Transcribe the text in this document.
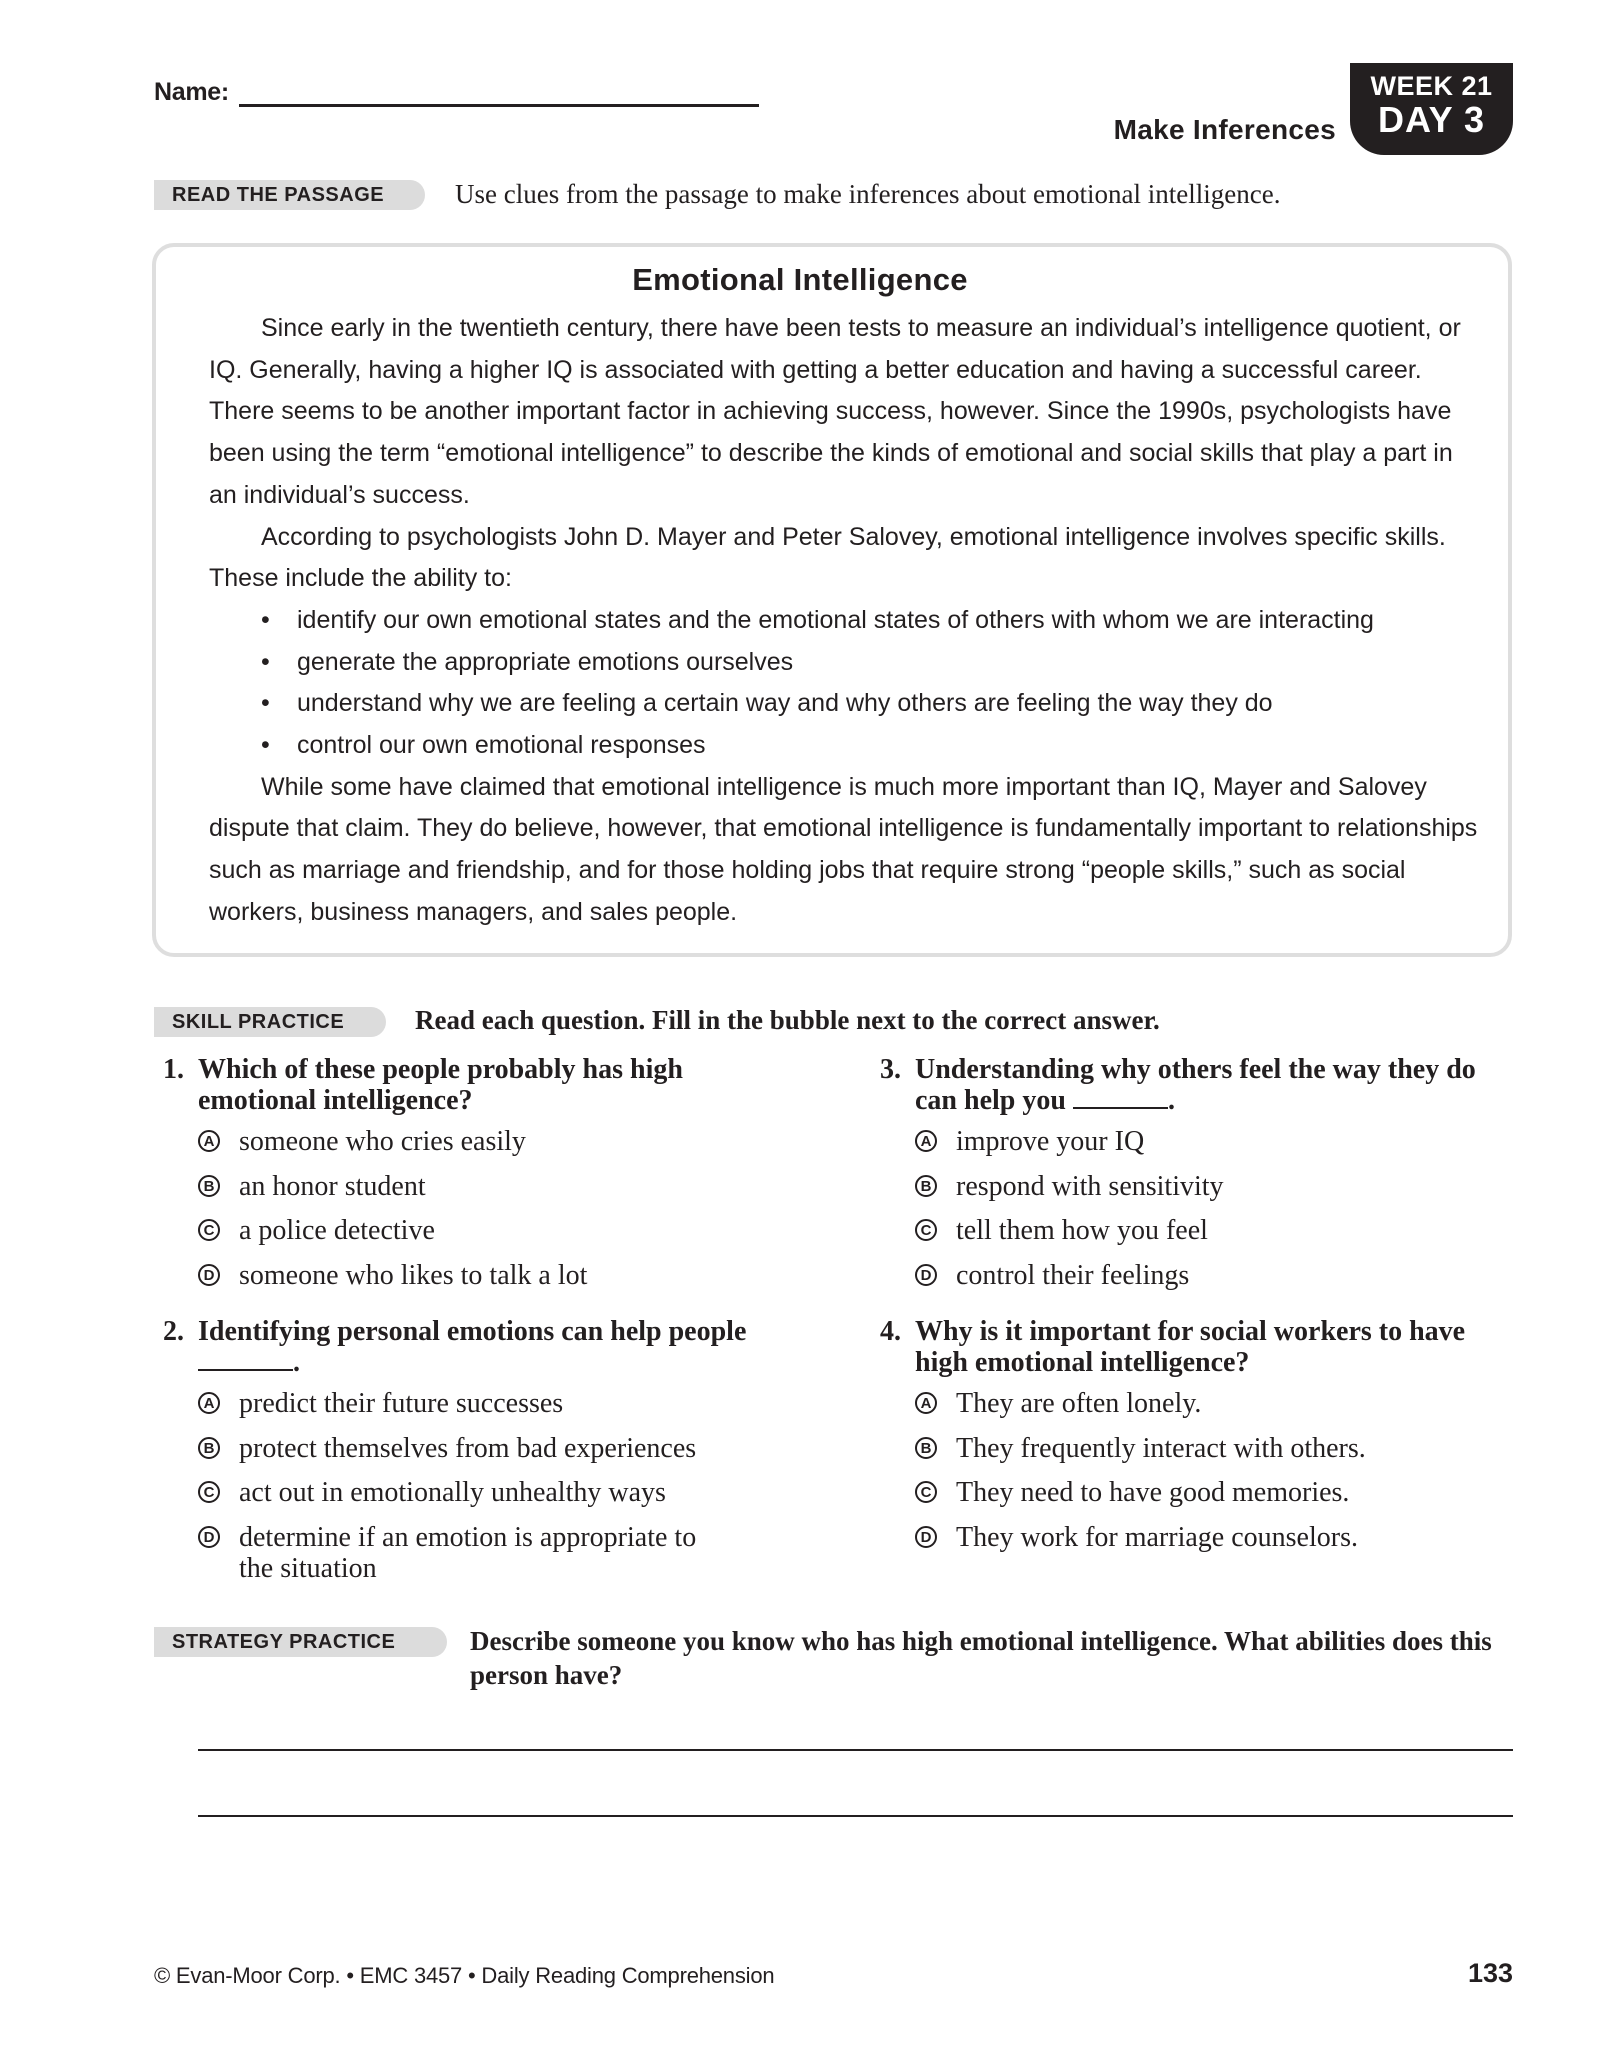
Name:
Make Inferences
WEEK 21
DAY 3
READ THE PASSAGE	Use clues from the passage to make inferences about emotional intelligence.
Emotional Intelligence

Since early in the twentieth century, there have been tests to measure an individual’s intelligence quotient, or IQ. Generally, having a higher IQ is associated with getting a better education and having a successful career. There seems to be another important factor in achieving success, however. Since the 1990s, psychologists have been using the term “emotional intelligence” to describe the kinds of emotional and social skills that play a part in an individual’s success.

According to psychologists John D. Mayer and Peter Salovey, emotional intelligence involves specific skills. These include the ability to:

• identify our own emotional states and the emotional states of others with whom we are interacting
• generate the appropriate emotions ourselves
• understand why we are feeling a certain way and why others are feeling the way they do
• control our own emotional responses

While some have claimed that emotional intelligence is much more important than IQ, Mayer and Salovey dispute that claim. They do believe, however, that emotional intelligence is fundamentally important to relationships such as marriage and friendship, and for those holding jobs that require strong “people skills,” such as social workers, business managers, and sales people.

SKILL PRACTICE	Read each question. Fill in the bubble next to the correct answer.
1. Which of these people probably has high emotional intelligence?
A someone who cries easily
B an honor student
C a police detective
D someone who likes to talk a lot
2. Identifying personal emotions can help people
.
A predict their future successes
B protect themselves from bad experiences
C act out in emotionally unhealthy ways
D determine if an emotion is appropriate to the situation
3. Understanding why others feel the way they do can help you	.
A improve your IQ
B respond with sensitivity
C tell them how you feel
D control their feelings
4. Why is it important for social workers to have high emotional intelligence?
A They are often lonely.
B They frequently interact with others.
C They need to have good memories.
D They work for marriage counselors.
STRATEGY PRACTICE	Describe someone you know who has high emotional intelligence. What abilities does this person have?
© Evan-Moor Corp. • EMC 3457 • Daily Reading Comprehension	133
